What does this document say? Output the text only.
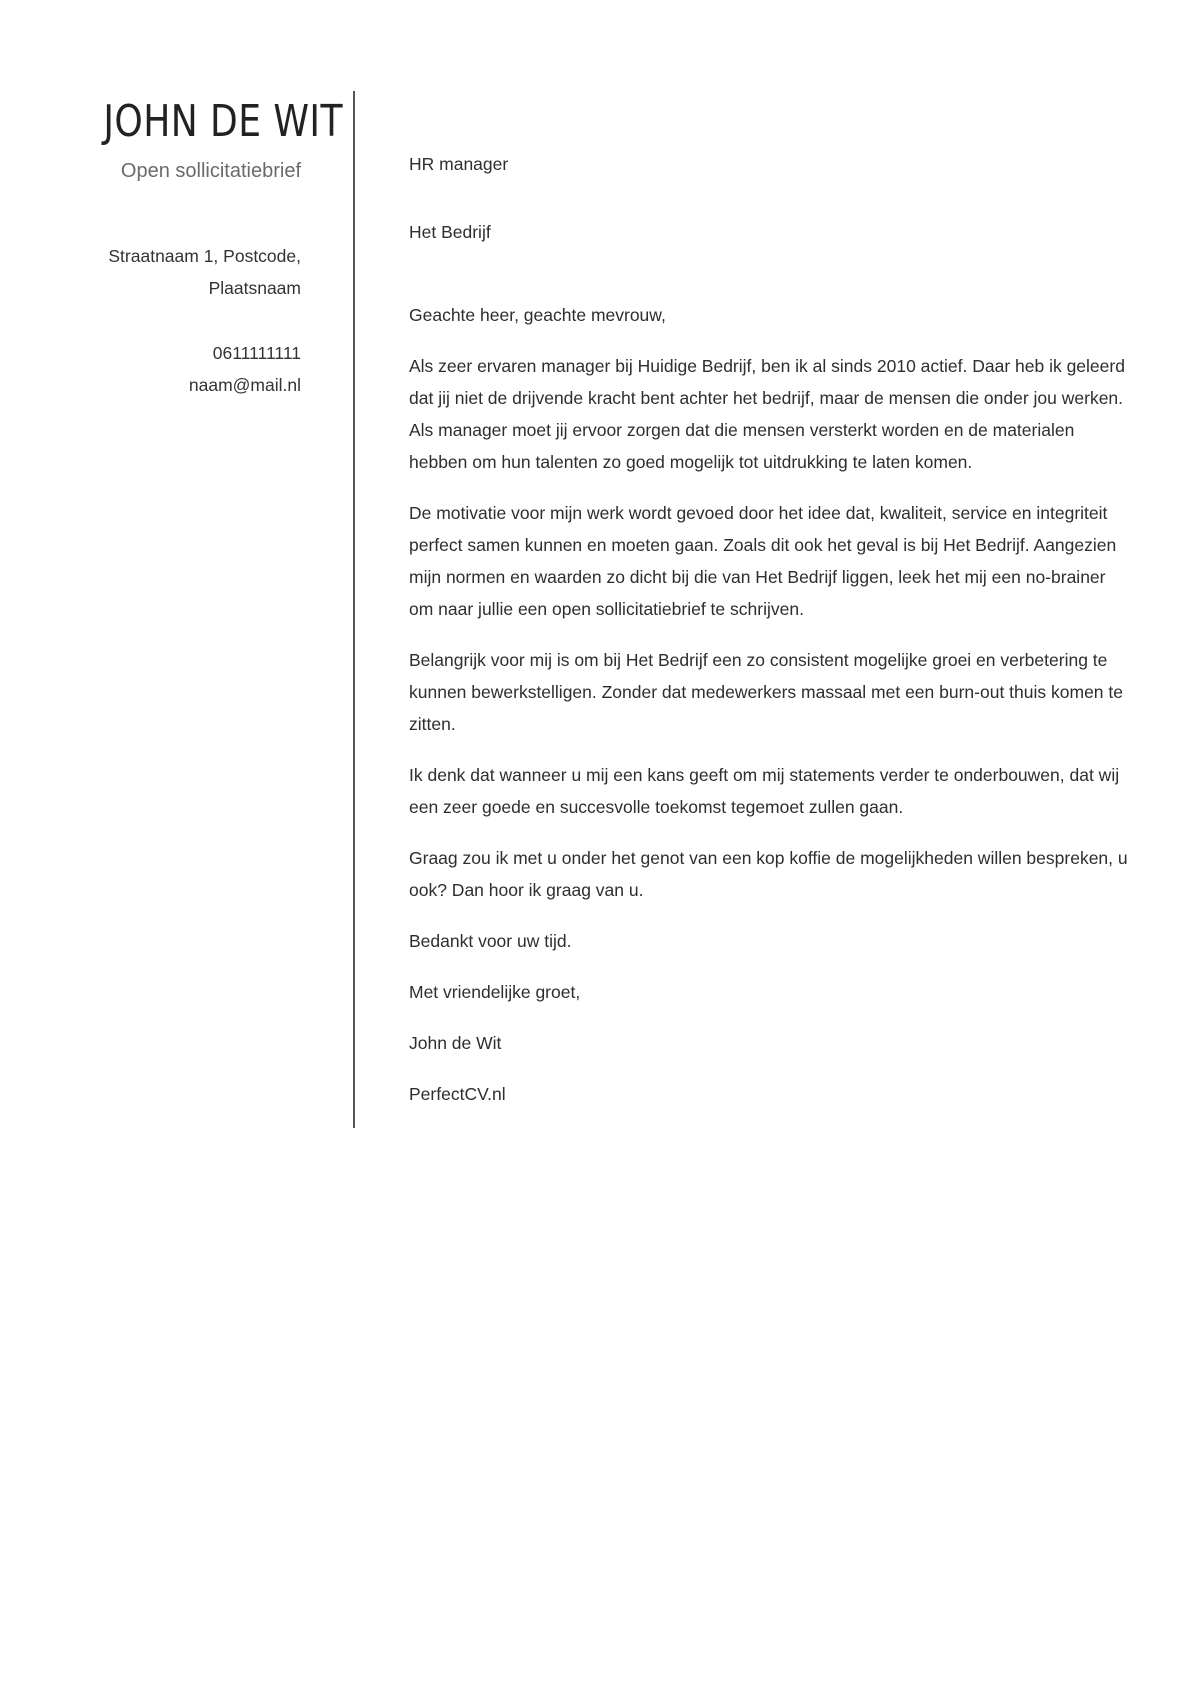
JOHN DE WIT
Open sollicitatiebrief
Straatnaam 1, Postcode,
Plaatsnaam
0611111111
naam@mail.nl

HR manager

Het Bedrijf

Geachte heer, geachte mevrouw,

Als zeer ervaren manager bij Huidige Bedrijf, ben ik al sinds 2010 actief. Daar heb ik geleerd dat jij niet de drijvende kracht bent achter het bedrijf, maar de mensen die onder jou werken. Als manager moet jij ervoor zorgen dat die mensen versterkt worden en de materialen hebben om hun talenten zo goed mogelijk tot uitdrukking te laten komen.

De motivatie voor mijn werk wordt gevoed door het idee dat, kwaliteit, service en integriteit perfect samen kunnen en moeten gaan. Zoals dit ook het geval is bij Het Bedrijf. Aangezien mijn normen en waarden zo dicht bij die van Het Bedrijf liggen, leek het mij een no-brainer om naar jullie een open sollicitatiebrief te schrijven.

Belangrijk voor mij is om bij Het Bedrijf een zo consistent mogelijke groei en verbetering te kunnen bewerkstelligen. Zonder dat medewerkers massaal met een burn-out thuis komen te zitten.

Ik denk dat wanneer u mij een kans geeft om mij statements verder te onderbouwen, dat wij een zeer goede en succesvolle toekomst tegemoet zullen gaan.

Graag zou ik met u onder het genot van een kop koffie de mogelijkheden willen bespreken, u ook? Dan hoor ik graag van u.

Bedankt voor uw tijd.

Met vriendelijke groet,

John de Wit

PerfectCV.nl
